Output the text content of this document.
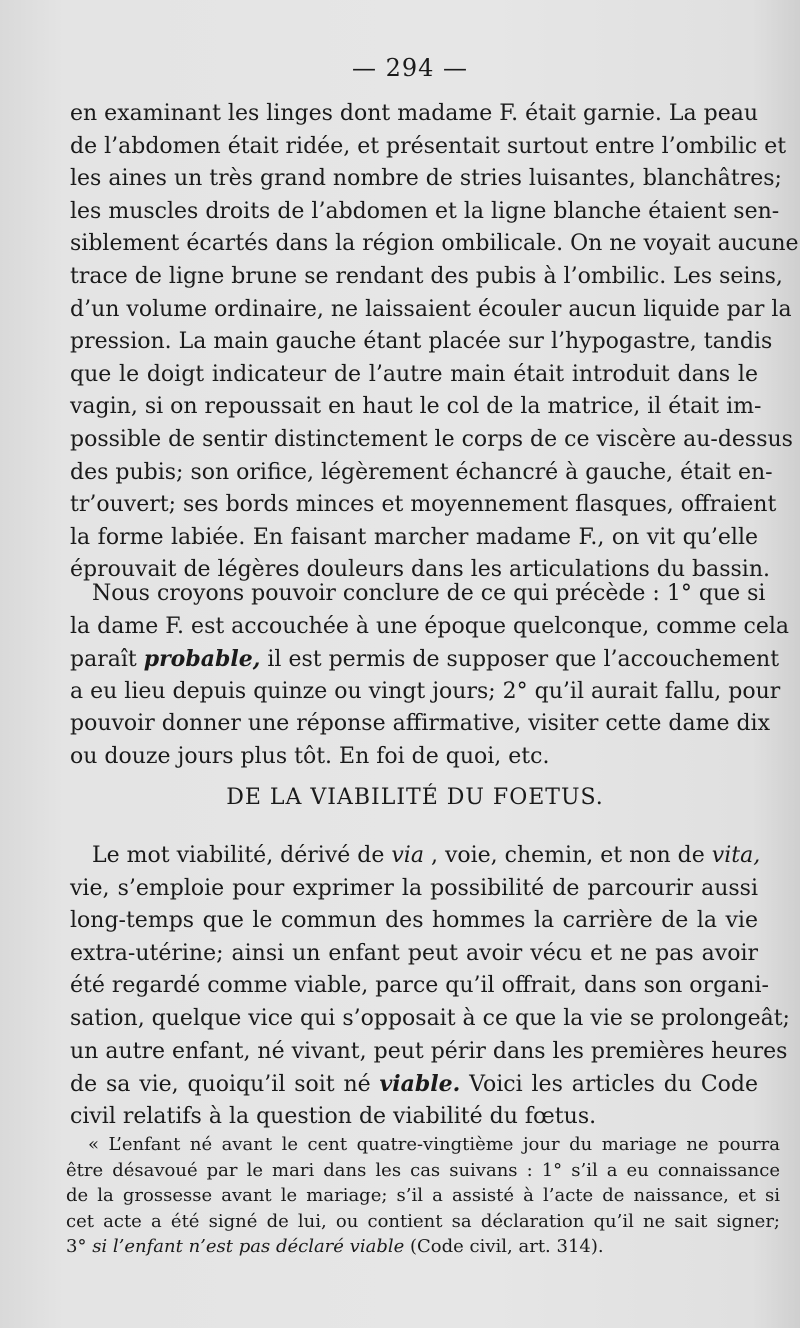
— 294 —
en examinant les linges dont madame F. était garnie. La peau
de l’abdomen était ridée, et présentait surtout entre l’ombilic et
les aines un très grand nombre de stries luisantes, blanchâtres;
les muscles droits de l’abdomen et la ligne blanche étaient sen-
siblement écartés dans la région ombilicale. On ne voyait aucune
trace de ligne brune se rendant des pubis à l’ombilic. Les seins,
d’un volume ordinaire, ne laissaient écouler aucun liquide par la
pression. La main gauche étant placée sur l’hypogastre, tandis
que le doigt indicateur de l’autre main était introduit dans le
vagin, si on repoussait en haut le col de la matrice, il était im-
possible de sentir distinctement le corps de ce viscère au-dessus
des pubis; son orifice, légèrement échancré à gauche, était en-
tr’ouvert; ses bords minces et moyennement flasques, offraient
la forme labiée. En faisant marcher madame F., on vit qu’elle
éprouvait de légères douleurs dans les articulations du bassin.
Nous croyons pouvoir conclure de ce qui précède : 1° que si
la dame F. est accouchée à une époque quelconque, comme cela
paraît probable, il est permis de supposer que l’accouchement
a eu lieu depuis quinze ou vingt jours; 2° qu’il aurait fallu, pour
pouvoir donner une réponse affirmative, visiter cette dame dix
ou douze jours plus tôt. En foi de quoi, etc.
DE LA VIABILITÉ DU FOETUS.
Le mot viabilité, dérivé de via , voie, chemin, et non de vita,
vie, s’emploie pour exprimer la possibilité de parcourir aussi
long-temps que le commun des hommes la carrière de la vie
extra-utérine; ainsi un enfant peut avoir vécu et ne pas avoir
été regardé comme viable, parce qu’il offrait, dans son organi-
sation, quelque vice qui s’opposait à ce que la vie se prolongeât;
un autre enfant, né vivant, peut périr dans les premières heures
de sa vie, quoiqu’il soit né viable. Voici les articles du Code
civil relatifs à la question de viabilité du fœtus.
« L’enfant né avant le cent quatre-vingtième jour du mariage ne pourra
être désavoué par le mari dans les cas suivans : 1° s’il a eu connaissance
de la grossesse avant le mariage; s’il a assisté à l’acte de naissance, et si
cet acte a été signé de lui, ou contient sa déclaration qu’il ne sait signer;
3° si l’enfant n’est pas déclaré viable (Code civil, art. 314).
